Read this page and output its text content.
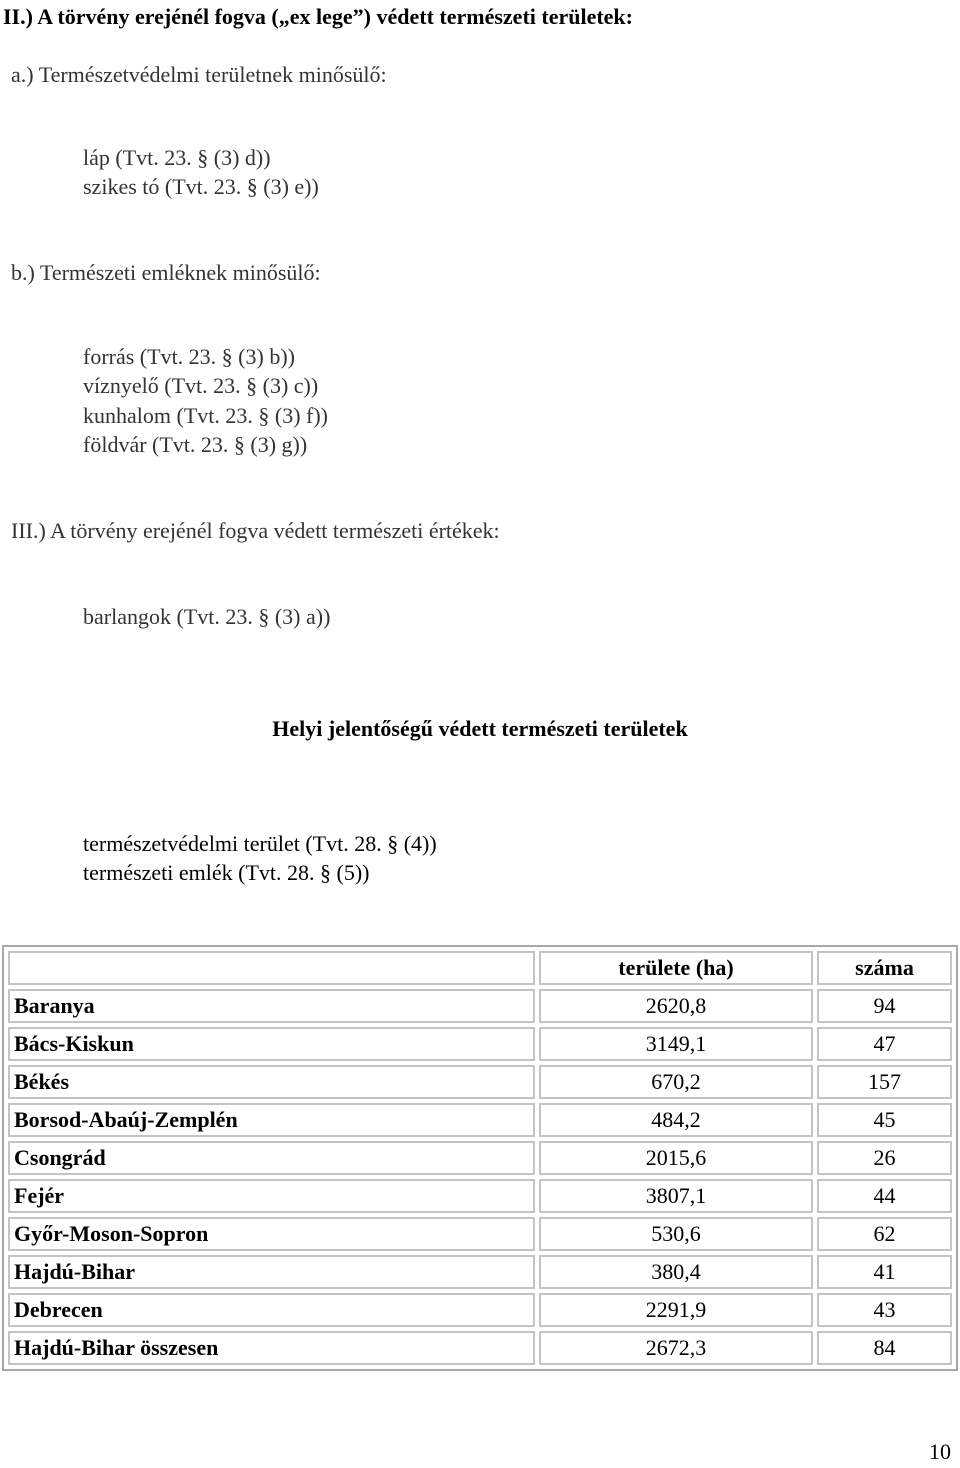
II.) A törvény erejénél fogva („ex lege”) védett természeti területek:
a.) Természetvédelmi területnek minősülő:
láp (Tvt. 23. § (3) d))
szikes tó (Tvt. 23. § (3) e))
b.) Természeti emléknek minősülő:
forrás (Tvt. 23. § (3) b))
víznyelő (Tvt. 23. § (3) c))
kunhalom (Tvt. 23. § (3) f))
földvár (Tvt. 23. § (3) g))
III.) A törvény erejénél fogva védett természeti értékek:
barlangok (Tvt. 23. § (3) a))
Helyi jelentőségű védett természeti területek
természetvédelmi terület (Tvt. 28. § (4))
természeti emlék (Tvt. 28. § (5))
	területe (ha)	száma
Baranya	2620,8	94
Bács-Kiskun	3149,1	47
Békés	670,2	157
Borsod-Abaúj-Zemplén	484,2	45
Csongrád	2015,6	26
Fejér	3807,1	44
Győr-Moson-Sopron	530,6	62
Hajdú-Bihar	380,4	41
Debrecen	2291,9	43
Hajdú-Bihar összesen	2672,3	84
10
